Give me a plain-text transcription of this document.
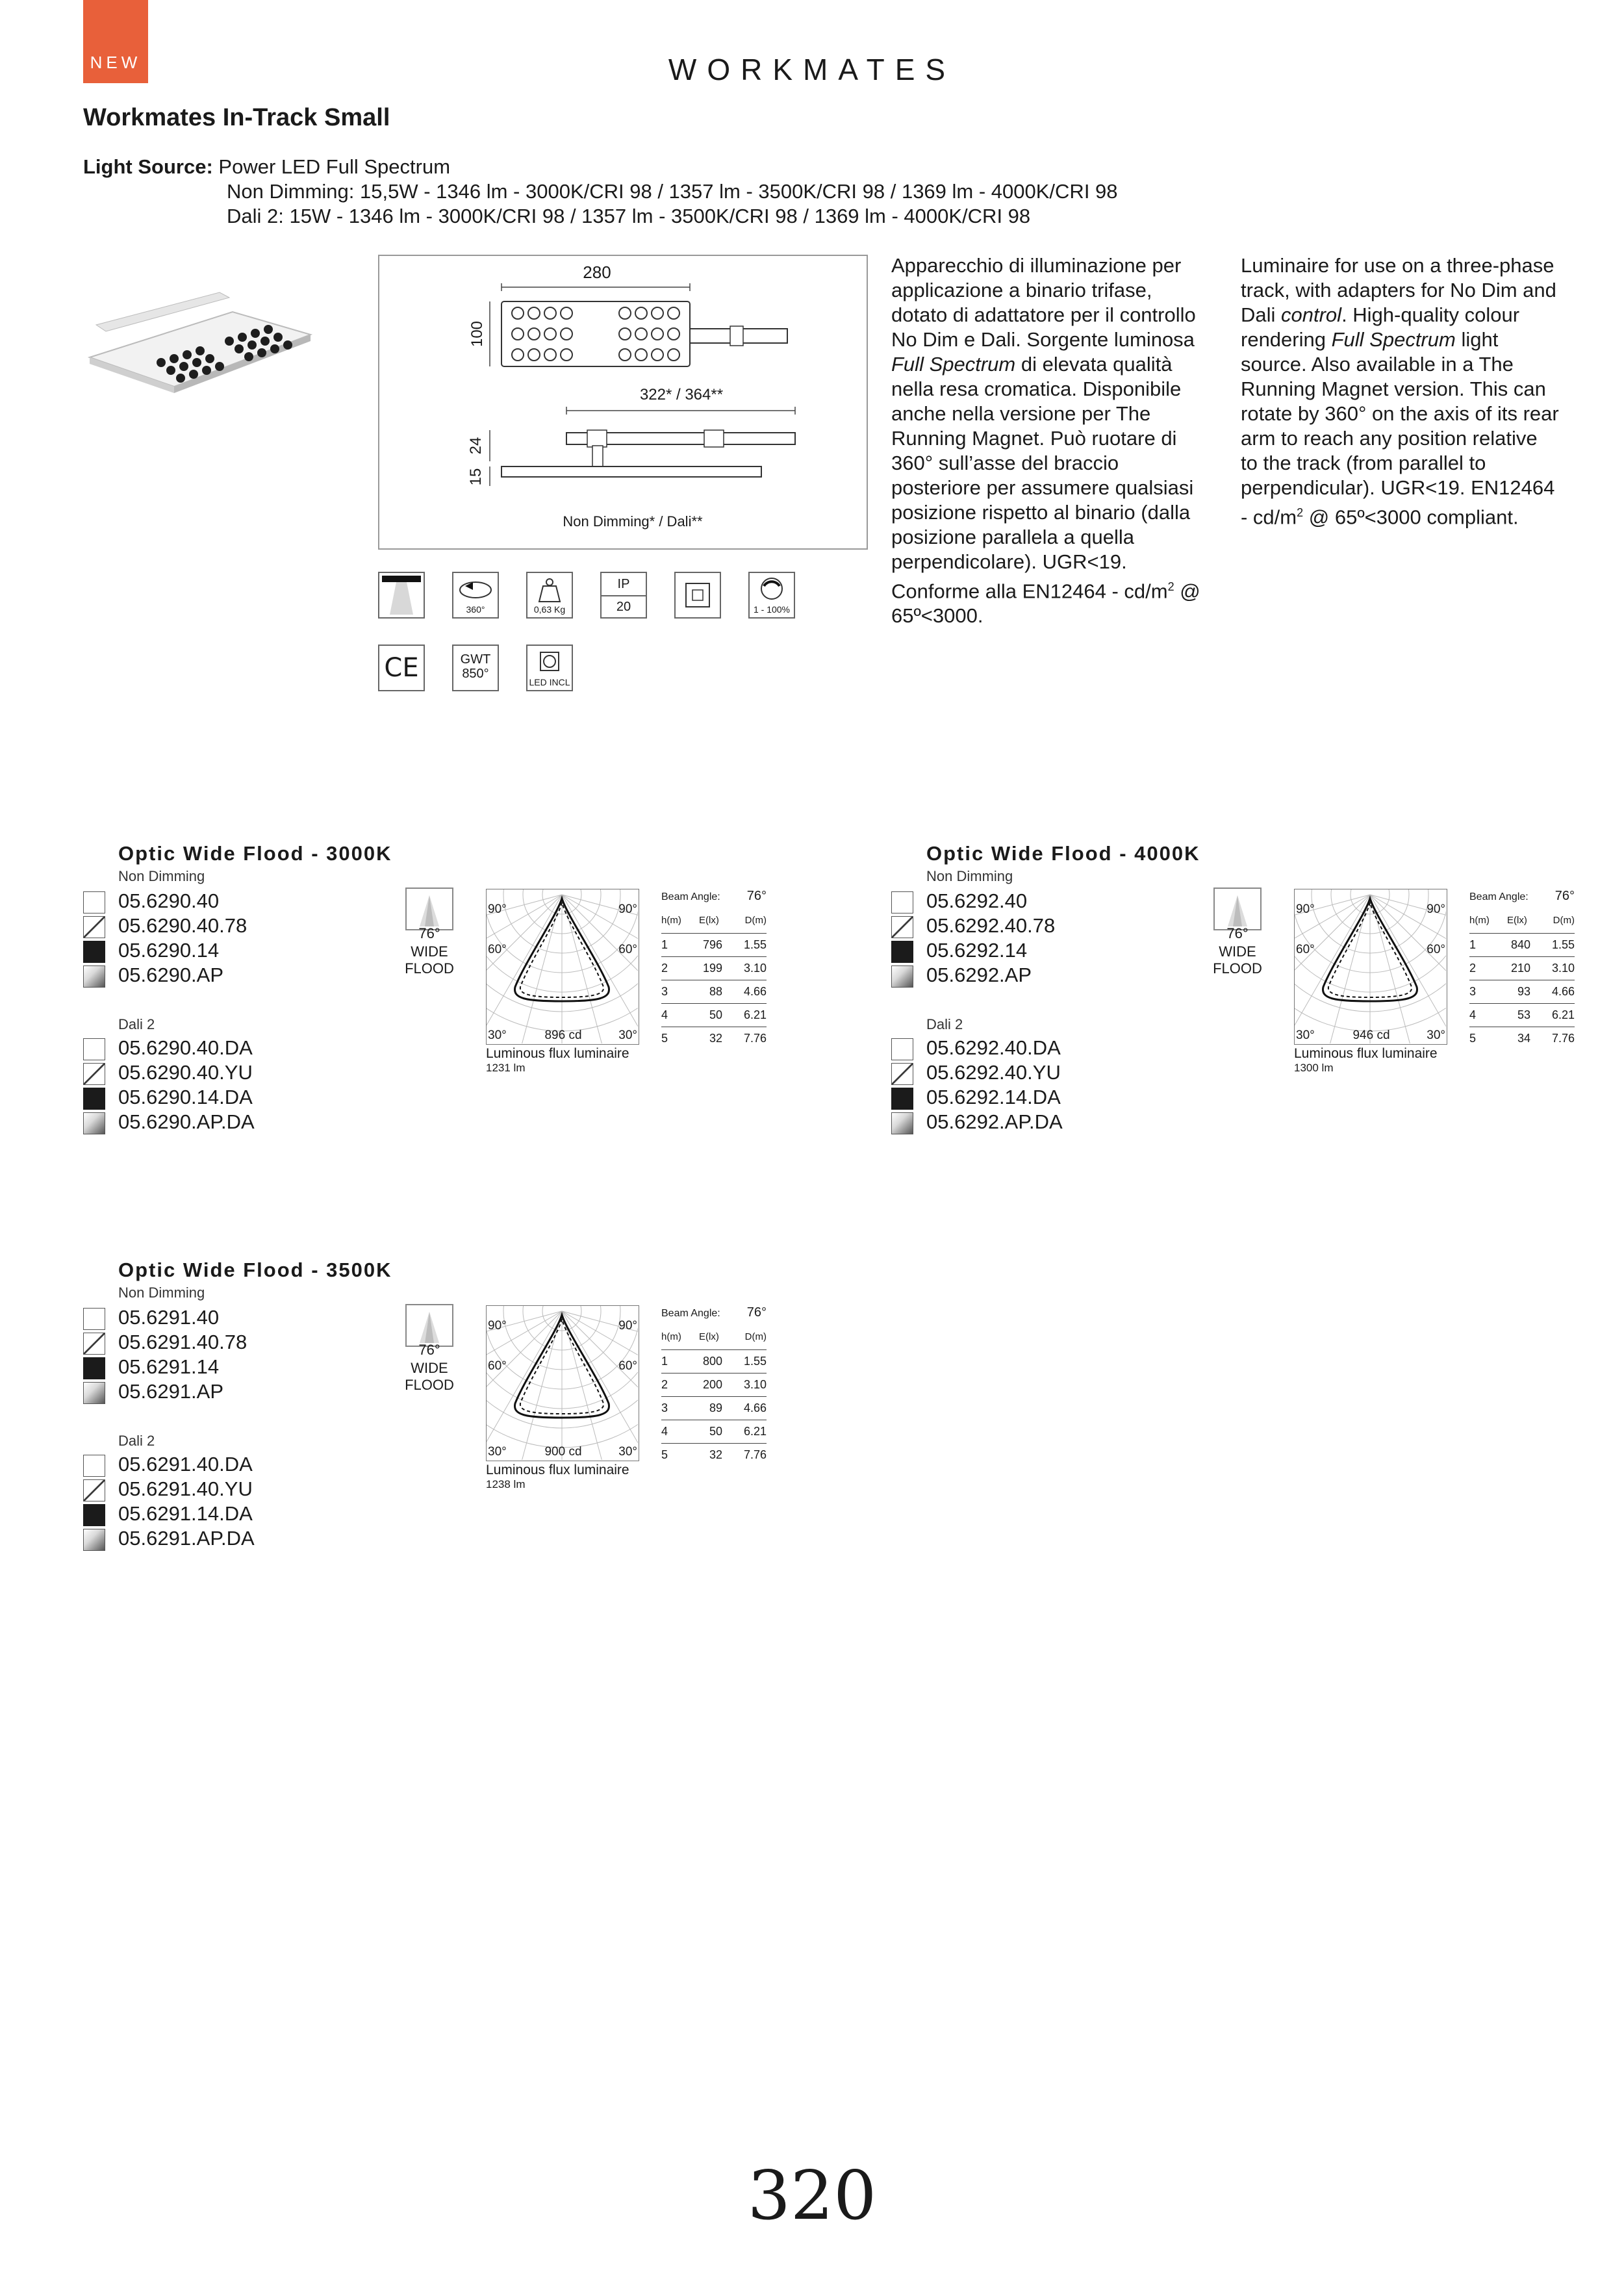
NEW	WORKMATES
Workmates In-Track Small
Light Source: Power LED Full Spectrum
Non Dimming: 15,5W - 1346 lm - 3000K/CRI 98 / 1357 lm - 3500K/CRI 98 / 1369 lm - 4000K/CRI 98
Dali 2: 15W - 1346 lm - 3000K/CRI 98 / 1357 lm - 3500K/CRI 98 / 1369 lm - 4000K/CRI 98
280
100
322* / 364**
24
15
Non Dimming* / Dali**
Apparecchio di illuminazione per applicazione a binario trifase, dotato di adattatore per il controllo No Dim e Dali. Sorgente luminosa Full Spectrum di elevata qualità nella resa cromatica. Disponibile anche nella versione per The Running Magnet. Può ruotare di 360° sull’asse del braccio posteriore per assumere qualsiasi posizione rispetto al binario (dalla posizione parallela a quella perpendicolare). UGR<19. Conforme alla $EN12464 - cd/m^2$ @ 65º<3000.
Luminaire for use on a three-phase track, with adapters for No Dim and Dali control. High-quality colour rendering Full Spectrum light source. Also available in a The Running Magnet version. This can rotate by 360° on the axis of its rear arm to reach any position relative to the track (from parallel to perpendicular). UGR<19. $EN12464 - cd/m^2$ @ 65º<3000 compliant.
360°	0,63 Kg
IP
20	1 - 100%
CE	GWT
850°
LED INCL
Optic Wide Flood - 3000K
Non Dimming
05.6290.40
05.6290.40.78
05.6290.14
05.6290.AP
Dali 2
05.6290.40.DA
05.6290.40.YU
05.6290.14.DA
05.6290.AP.DA
76°
WIDE
FLOOD
90°	90°
60°	60°
30°	30°
896 cd
Luminous flux luminaire
1231 lm
Beam Angle: 76°
h(m) E(lx)	D(m)
1	796 1.55
2	199 3.10
3	88 4.66
4	50 6.21
5	32 7.76
Optic Wide Flood - 4000K
Non Dimming
05.6292.40
05.6292.40.78
05.6292.14
05.6292.AP
Dali 2
05.6292.40.DA
05.6292.40.YU
05.6292.14.DA
05.6292.AP.DA
76°
WIDE
FLOOD
90°	90°
60°	60°
30°	30°
946 cd
Luminous flux luminaire
1300 lm
Beam Angle: 76°
h(m) E(lx)	D(m)
1	840 1.55
2	210 3.10
3	93 4.66
4	53 6.21
5	34 7.76
Optic Wide Flood - 3500K
Non Dimming
05.6291.40
05.6291.40.78
05.6291.14
05.6291.AP
Dali 2
05.6291.40.DA
05.6291.40.YU
05.6291.14.DA
05.6291.AP.DA
76°
WIDE
FLOOD
90°	90°
60°	60°
30°	30°
900 cd
Luminous flux luminaire
1238 lm
Beam Angle: 76°
h(m) E(lx)	D(m)
1	800 1.55
2	200 3.10
3	89 4.66
4	50 6.21
5	32 7.76
320
